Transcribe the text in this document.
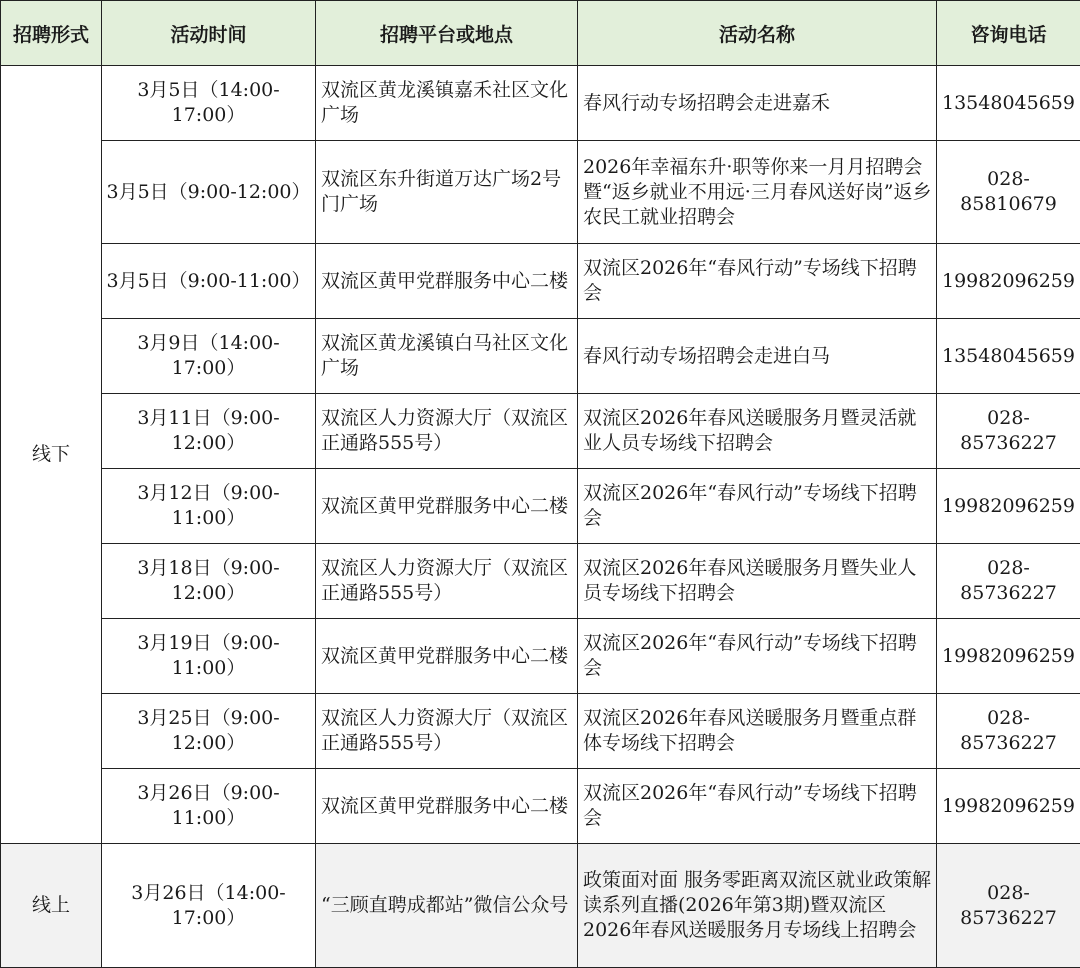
招聘形式	活动时间	招聘平台或地点	活动名称	咨询电话
线下	3月5日（14:00-17:00）	双流区黄龙溪镇嘉禾社区文化广场	春风行动专场招聘会走进嘉禾	13548045659
	3月5日（9:00-12:00）	双流区东升街道万达广场2号门广场	2026年幸福东升·职等你来一月月招聘会暨“返乡就业不用远·三月春风送好岗”返乡农民工就业招聘会	028-85810679
	3月5日（9:00-11:00）	双流区黄甲党群服务中心二楼	双流区2026年“春风行动”专场线下招聘会	19982096259
	3月9日（14:00-17:00）	双流区黄龙溪镇白马社区文化广场	春风行动专场招聘会走进白马	13548045659
	3月11日（9:00-12:00）	双流区人力资源大厅（双流区正通路555号）	双流区2026年春风送暖服务月暨灵活就业人员专场线下招聘会	028-85736227
	3月12日（9:00-11:00）	双流区黄甲党群服务中心二楼	双流区2026年“春风行动”专场线下招聘会	19982096259
	3月18日（9:00-12:00）	双流区人力资源大厅（双流区正通路555号）	双流区2026年春风送暖服务月暨失业人员专场线下招聘会	028-85736227
	3月19日（9:00-11:00）	双流区黄甲党群服务中心二楼	双流区2026年“春风行动”专场线下招聘会	19982096259
	3月25日（9:00-12:00）	双流区人力资源大厅（双流区正通路555号）	双流区2026年春风送暖服务月暨重点群体专场线下招聘会	028-85736227
	3月26日（9:00-11:00）	双流区黄甲党群服务中心二楼	双流区2026年“春风行动”专场线下招聘会	19982096259
线上	3月26日（14:00-17:00）	“三顾直聘成都站”微信公众号	政策面对面 服务零距离双流区就业政策解读系列直播(2026年第3期)暨双流区2026年春风送暖服务月专场线上招聘会	028-85736227
